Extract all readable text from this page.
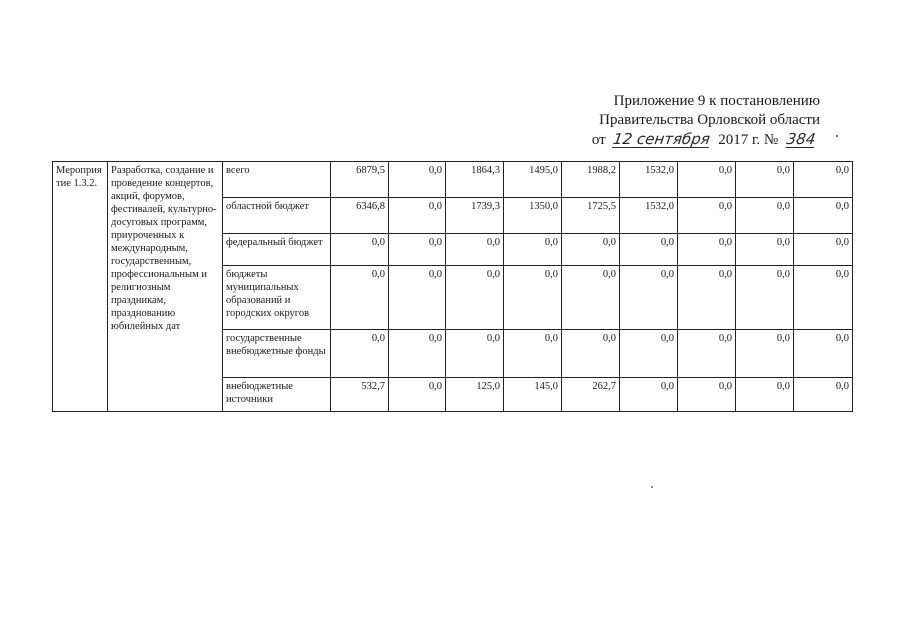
Приложение 9 к постановлению
Правительства Орловской области
от 12 сентября 2017 г. № 384
Мероприятие 1.3.2.	Разработка, создание и проведение концертов, акций, форумов, фестивалей, культурно-досуговых программ, приуроченных к международным, государственным, профессиональным и религиозным праздникам, празднованию юбилейных дат	всего	6879,5	0,0	1864,3	1495,0	1988,2	1532,0	0,0	0,0	0,0
		областной бюджет	6346,8	0,0	1739,3	1350,0	1725,5	1532,0	0,0	0,0	0,0
		федеральный бюджет	0,0	0,0	0,0	0,0	0,0	0,0	0,0	0,0	0,0
		бюджеты муниципальных образований и городских округов	0,0	0,0	0,0	0,0	0,0	0,0	0,0	0,0	0,0
		государственные внебюджетные фонды	0,0	0,0	0,0	0,0	0,0	0,0	0,0	0,0	0,0
		внебюджетные источники	532,7	0,0	125,0	145,0	262,7	0,0	0,0	0,0	0,0
